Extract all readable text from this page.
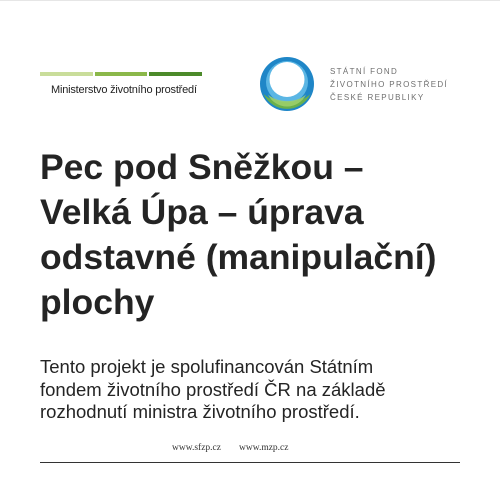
Ministerstvo životního prostředí
STÁTNÍ FOND
ŽIVOTNÍHO PROSTŘEDÍ
ČESKÉ REPUBLIKY
Pec pod Sněžkou –
Velká Úpa – úprava
odstavné (manipulační)
plochy

Tento projekt je spolufinancován Státním
fondem životního prostředí ČR na základě
rozhodnutí ministra životního prostředí.

www.sfzp.cz www.mzp.cz
